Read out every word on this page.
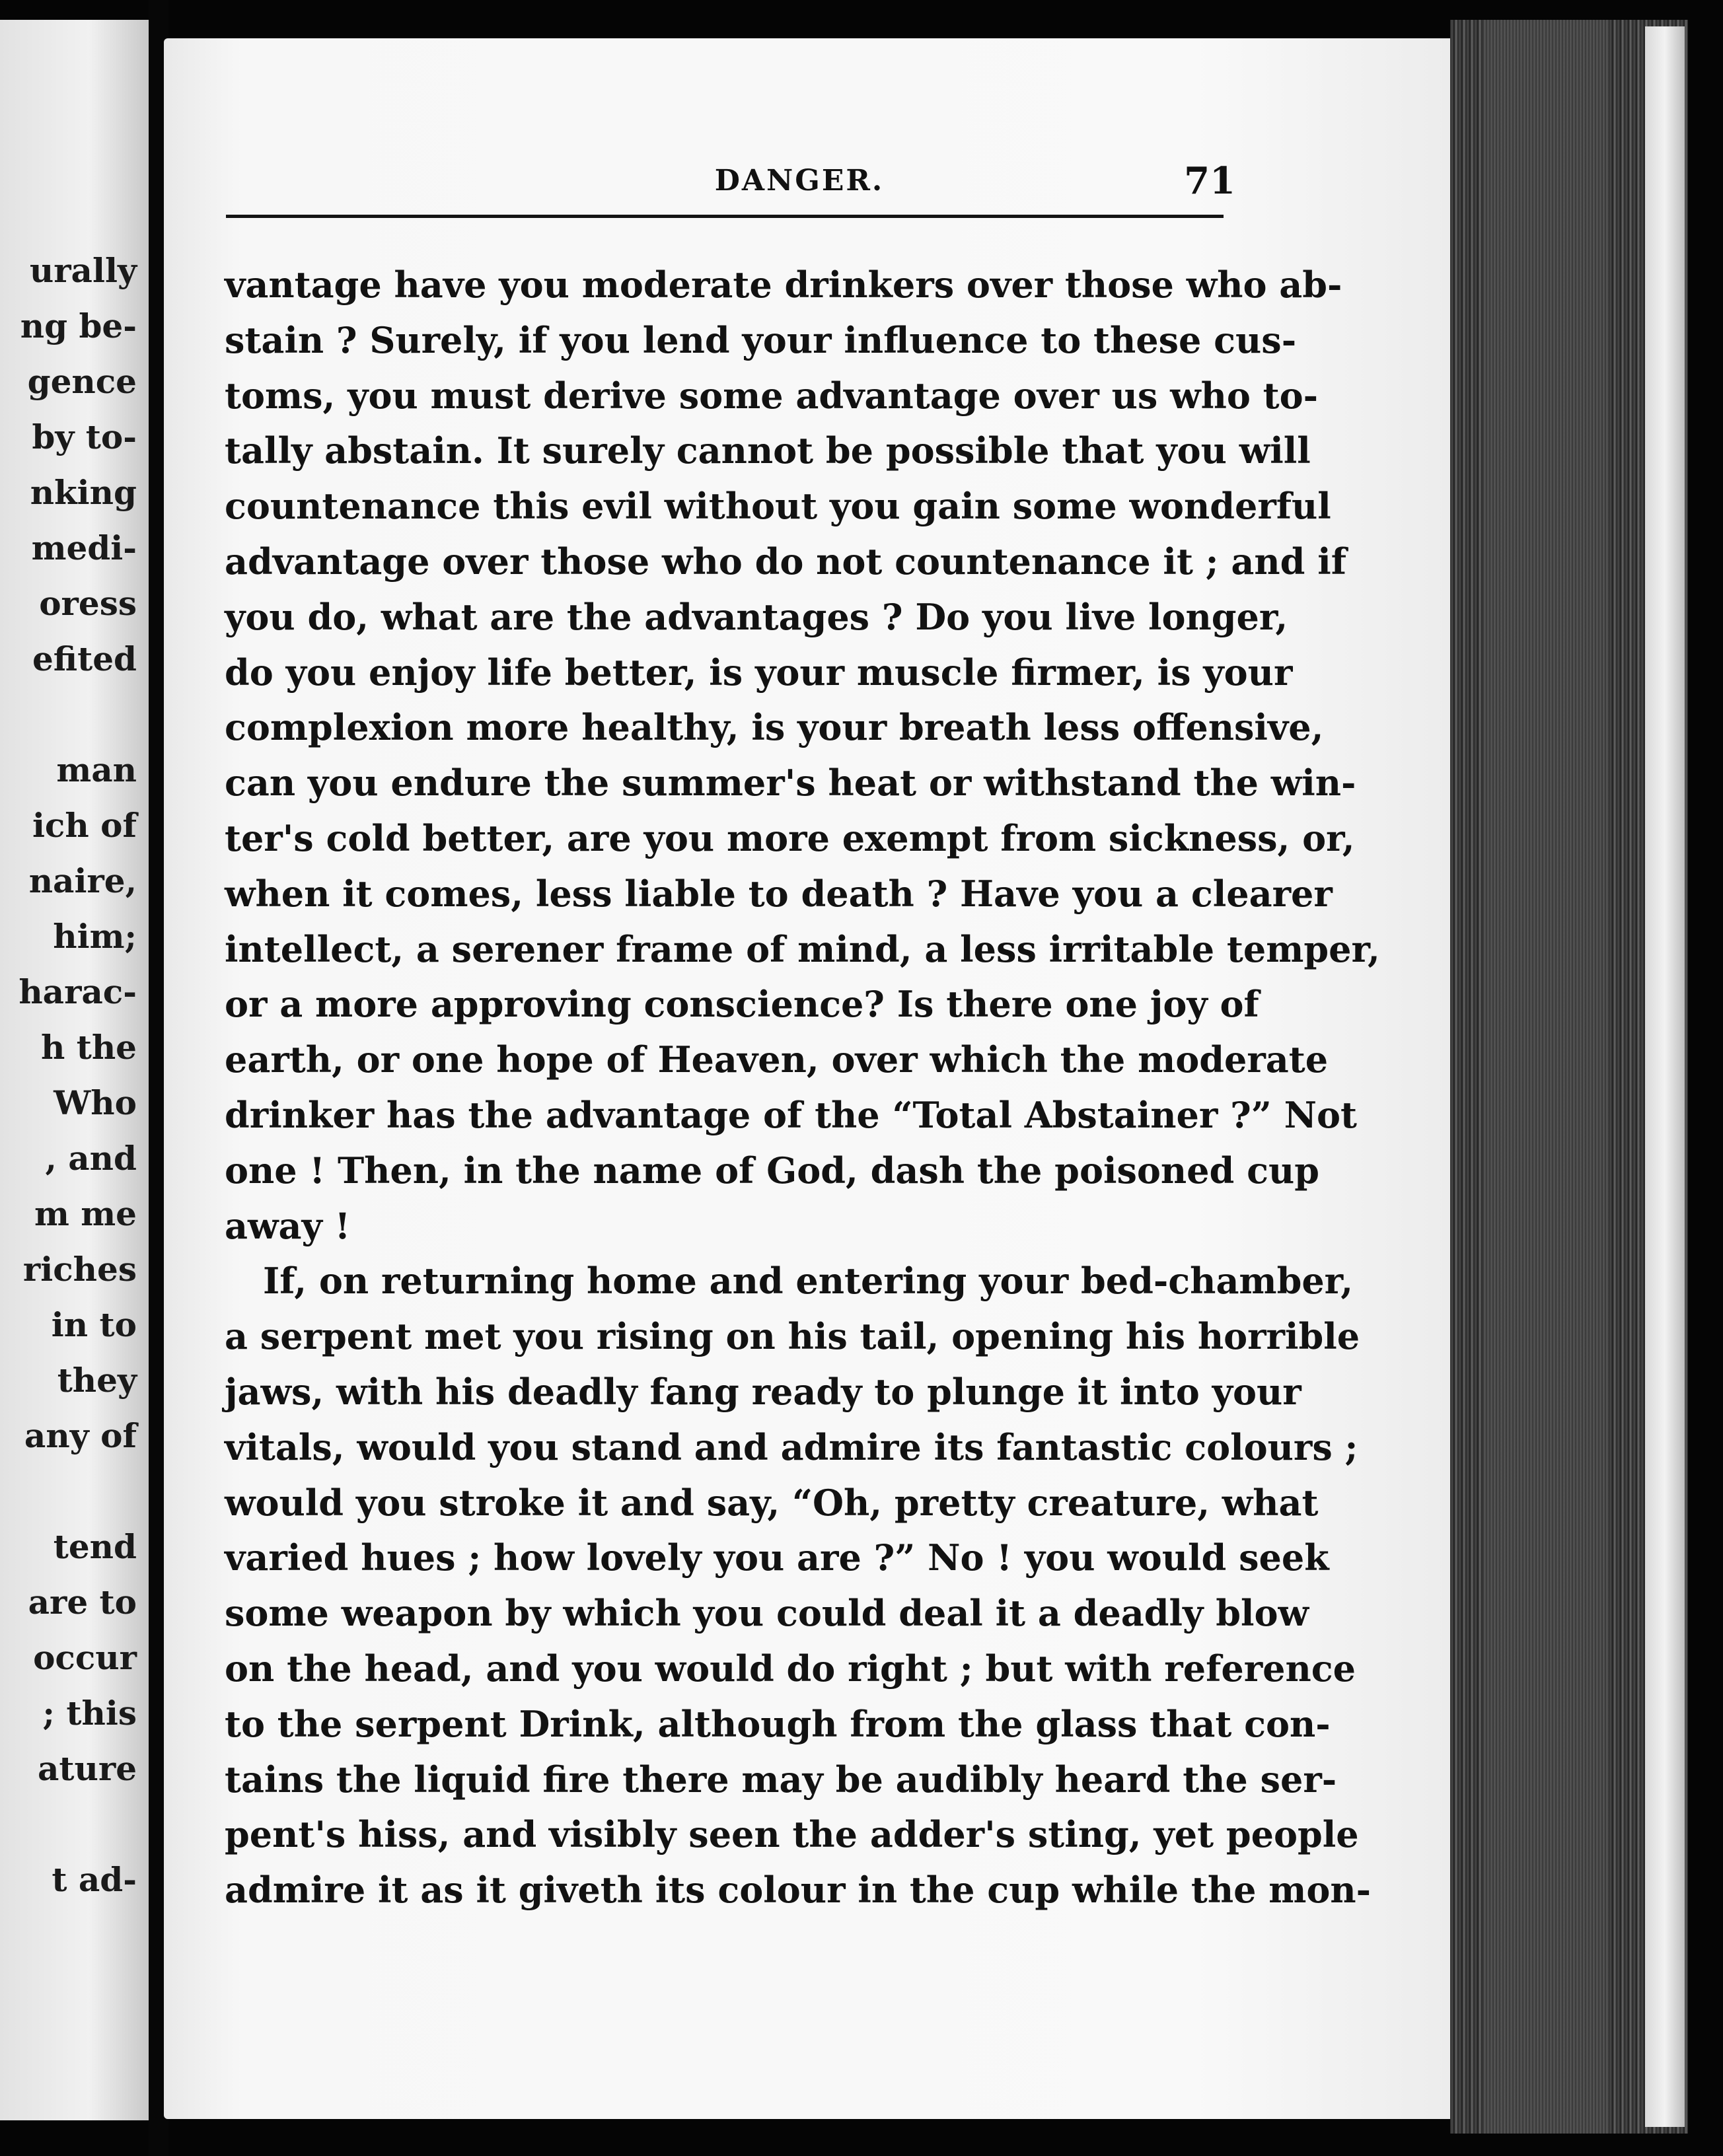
urally
ng be-
gence
by to-
nking
medi-
oress
efited
man
ich of
naire,
him;
harac-
h the
Who
, and
m me
riches
in to
they
any of
tend
are to
occur
; this
ature
t ad-
DANGER.	71
vantage have you moderate drinkers over those who ab-
stain ? Surely, if you lend your influence to these cus-
toms, you must derive some advantage over us who to-
tally abstain. It surely cannot be possible that you will
countenance this evil without you gain some wonderful
advantage over those who do not countenance it ; and if
you do, what are the advantages ? Do you live longer,
do you enjoy life better, is your muscle firmer, is your
complexion more healthy, is your breath less offensive,
can you endure the summer's heat or withstand the win-
ter's cold better, are you more exempt from sickness, or,
when it comes, less liable to death ? Have you a clearer
intellect, a serener frame of mind, a less irritable temper,
or a more approving conscience? Is there one joy of
earth, or one hope of Heaven, over which the moderate
drinker has the advantage of the “Total Abstainer ?” Not
one ! Then, in the name of God, dash the poisoned cup
away !
If, on returning home and entering your bed-chamber,
a serpent met you rising on his tail, opening his horrible
jaws, with his deadly fang ready to plunge it into your
vitals, would you stand and admire its fantastic colours ;
would you stroke it and say, “Oh, pretty creature, what
varied hues ; how lovely you are ?” No ! you would seek
some weapon by which you could deal it a deadly blow
on the head, and you would do right ; but with reference
to the serpent Drink, although from the glass that con-
tains the liquid fire there may be audibly heard the ser-
pent's hiss, and visibly seen the adder's sting, yet people
admire it as it giveth its colour in the cup while the mon-
